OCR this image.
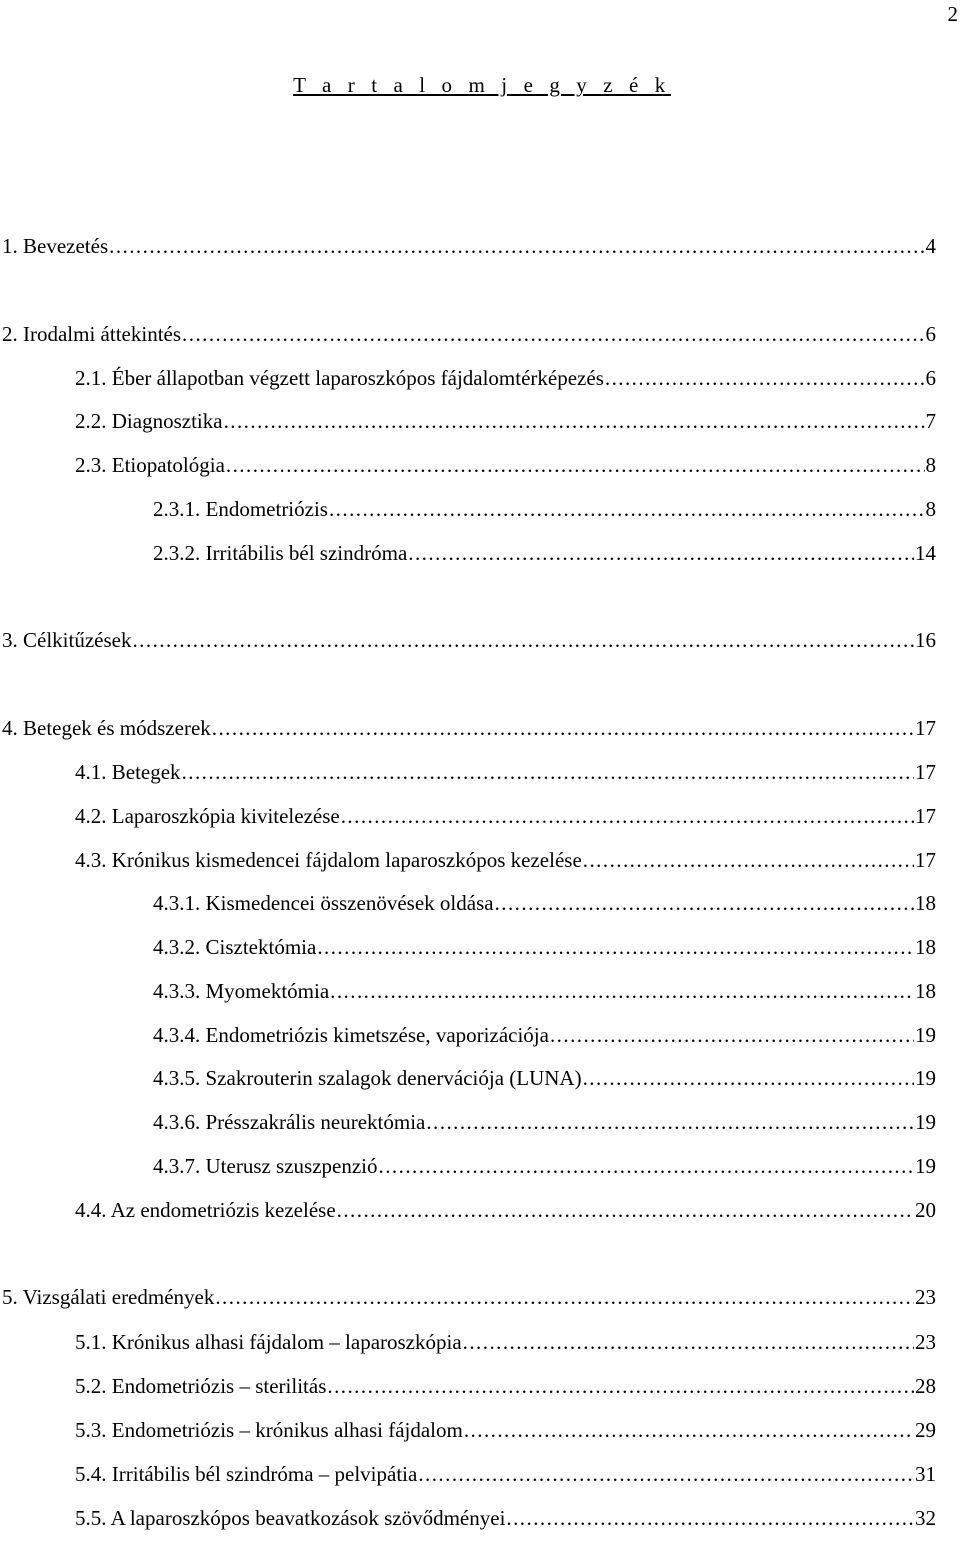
2
T a r t a l o m j e g y z é k
1. Bevezetés . . .	4
2. Irodalmi áttekintés . . .	6
2.1. Éber állapotban végzett laparoszkópos fájdalomtérképezés . . .	6
2.2. Diagnosztika . . .	7
2.3. Etiopatológia . . .	8
2.3.1. Endometriózis . . .	8
2.3.2. Irritábilis bél szindróma . . .	14
3. Célkitűzések . . .	16
4. Betegek és módszerek . . .	17
4.1. Betegek . . .	17
4.2. Laparoszkópia kivitelezése . . .	17
4.3. Krónikus kismedencei fájdalom laparoszkópos kezelése . . .	17
4.3.1. Kismedencei összenövések oldása . . .	18
4.3.2. Cisztektómia . . .	18
4.3.3. Myomektómia . . .	18
4.3.4. Endometriózis kimetszése, vaporizációja . . .	19
4.3.5. Szakrouterin szalagok denervációja (LUNA) . . .	19
4.3.6. Présszakrális neurektómia . . .	19
4.3.7. Uterusz szuszpenzió . . .	19
4.4. Az endometriózis kezelése . . .	20
5. Vizsgálati eredmények . . .	23
5.1. Krónikus alhasi fájdalom – laparoszkópia . . .	23
5.2. Endometriózis – sterilitás . . .	28
5.3. Endometriózis – krónikus alhasi fájdalom . . .	29
5.4. Irritábilis bél szindróma – pelvipátia . . .	31
5.5. A laparoszkópos beavatkozások szövődményei . . .	32
